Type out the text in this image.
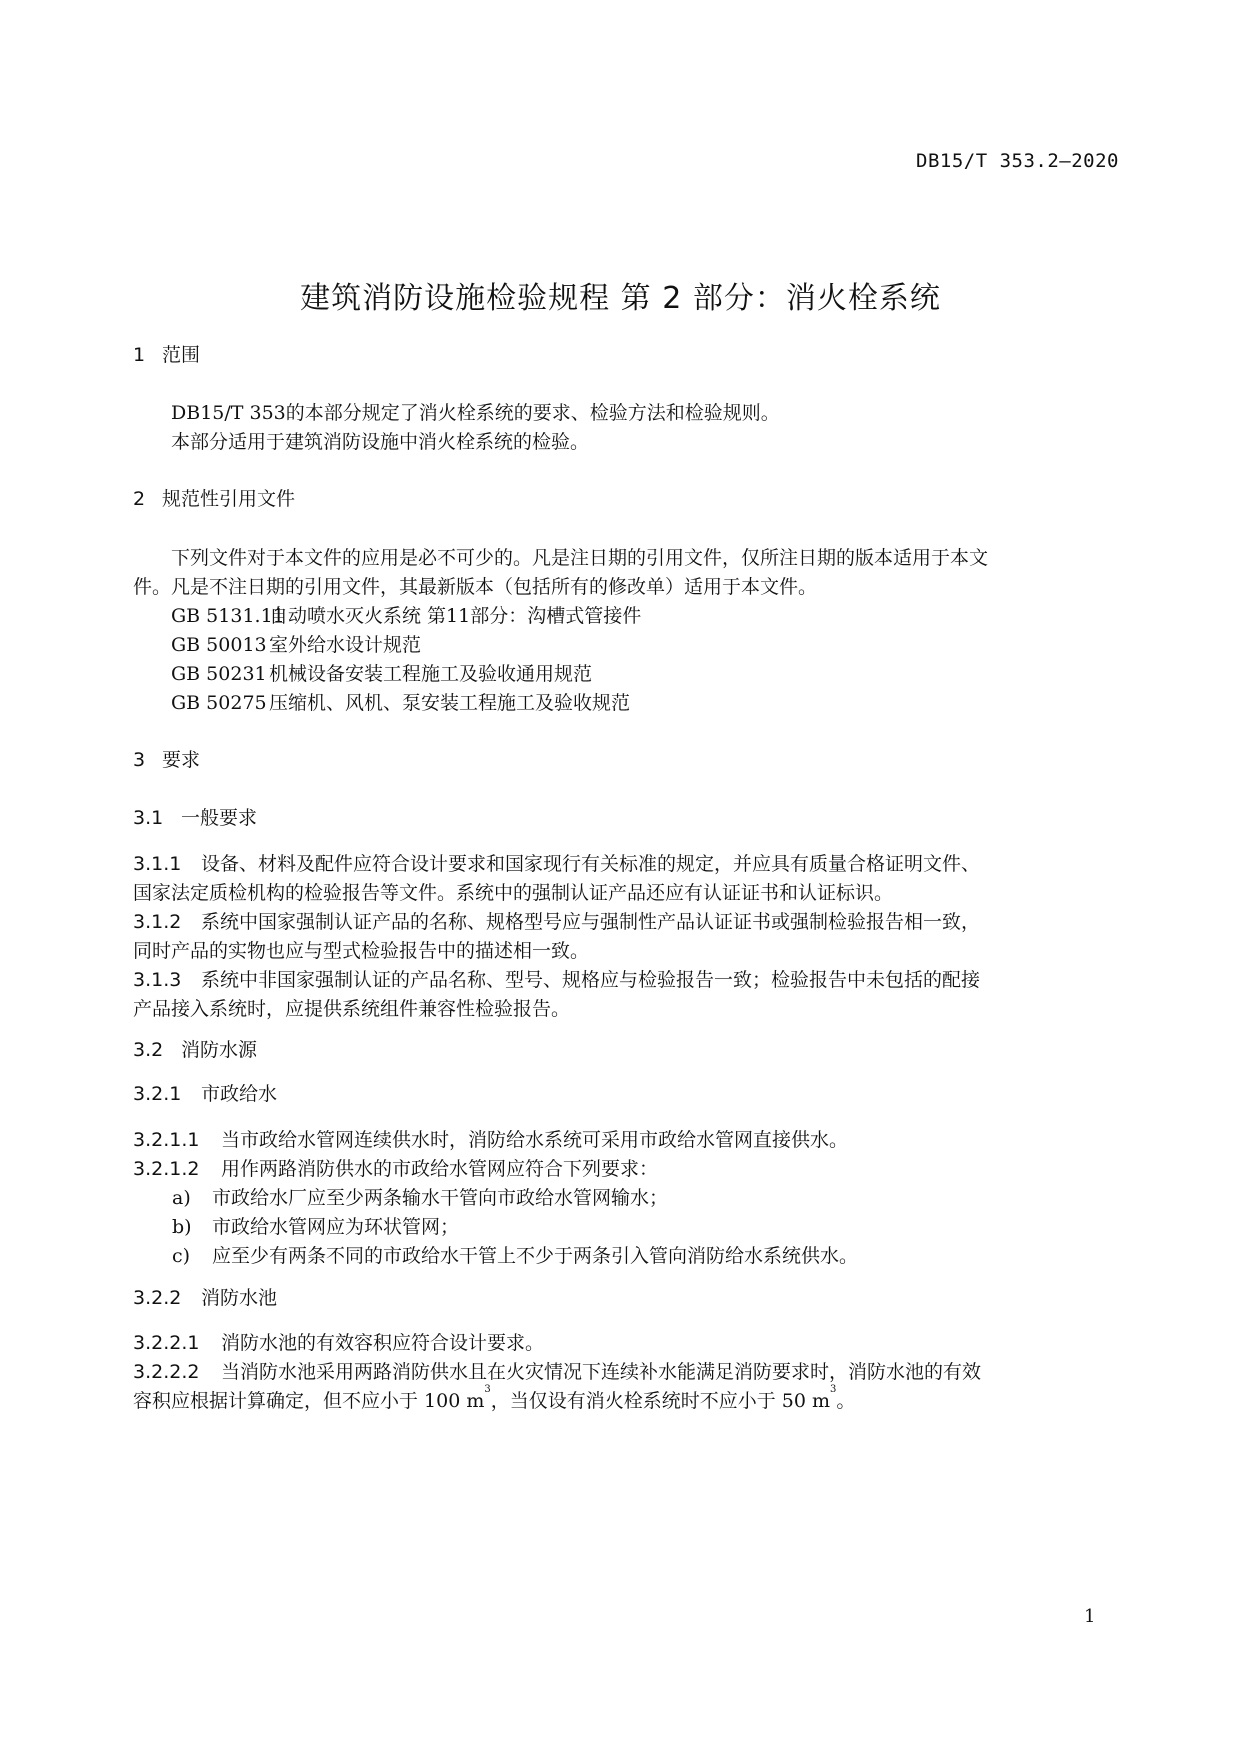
DB15/T 353.2—2020
建筑消防设施检验规程 第 2 部分：消火栓系统
1 范围
DB15/T 353的本部分规定了消火栓系统的要求、检验方法和检验规则。
本部分适用于建筑消防设施中消火栓系统的检验。
2 规范性引用文件
下列文件对于本文件的应用是必不可少的。凡是注日期的引用文件，仅所注日期的版本适用于本文
件。凡是不注日期的引用文件，其最新版本（包括所有的修改单）适用于本文件。
GB 5131.11自动喷水灭火系统 第11部分：沟槽式管接件
GB 50013 室外给水设计规范
GB 50231 机械设备安装工程施工及验收通用规范
GB 50275 压缩机、风机、泵安装工程施工及验收规范
3 要求
3.1 一般要求
3.1.1 设备、材料及配件应符合设计要求和国家现行有关标准的规定，并应具有质量合格证明文件、
国家法定质检机构的检验报告等文件。系统中的强制认证产品还应有认证证书和认证标识。
3.1.2 系统中国家强制认证产品的名称、规格型号应与强制性产品认证证书或强制检验报告相一致，
同时产品的实物也应与型式检验报告中的描述相一致。
3.1.3 系统中非国家强制认证的产品名称、型号、规格应与检验报告一致；检验报告中未包括的配接
产品接入系统时，应提供系统组件兼容性检验报告。
3.2 消防水源
3.2.1 市政给水
3.2.1.1 当市政给水管网连续供水时，消防给水系统可采用市政给水管网直接供水。
3.2.1.2 用作两路消防供水的市政给水管网应符合下列要求：
a) 市政给水厂应至少两条输水干管向市政给水管网输水；
b) 市政给水管网应为环状管网；
c) 应至少有两条不同的市政给水干管上不少于两条引入管向消防给水系统供水。
3.2.2 消防水池
3.2.2.1 消防水池的有效容积应符合设计要求。
3.2.2.2 当消防水池采用两路消防供水且在火灾情况下连续补水能满足消防要求时，消防水池的有效
容积应根据计算确定，但不应小于 100 $m^3$，当仅设有消火栓系统时不应小于 50 $m^3$。
1
